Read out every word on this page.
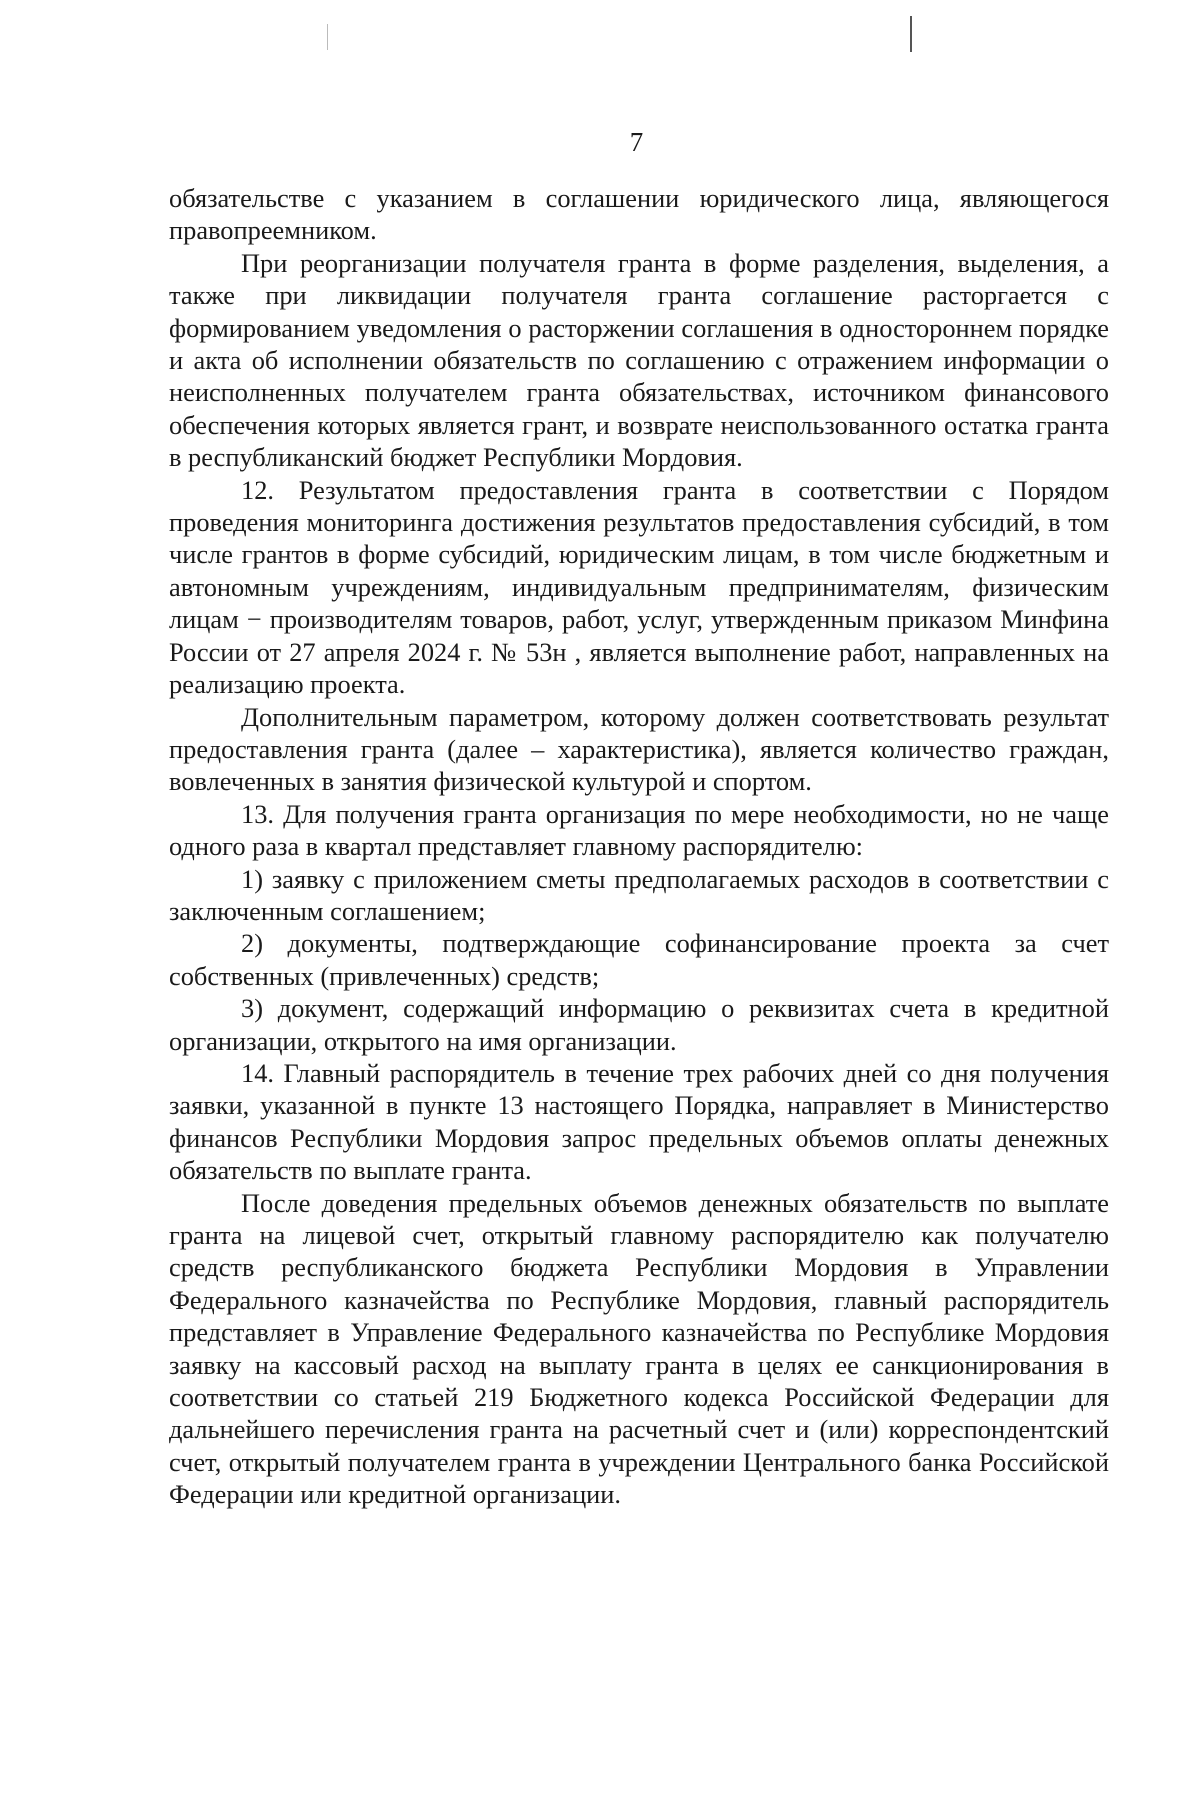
7

обязательстве с указанием в соглашении юридического лица, являющегося правопреемником.

При реорганизации получателя гранта в форме разделения, выделения, а также при ликвидации получателя гранта соглашение расторгается с формированием уведомления о расторжении соглашения в одностороннем порядке и акта об исполнении обязательств по соглашению с отражением информации о неисполненных получателем гранта обязательствах, источником финансового обеспечения которых является грант, и возврате неиспользованного остатка гранта в республиканский бюджет Республики Мордовия.

12. Результатом предоставления гранта в соответствии с Порядом проведения мониторинга достижения результатов предоставления субсидий, в том числе грантов в форме субсидий, юридическим лицам, в том числе бюджетным и автономным учреждениям, индивидуальным предпринимателям, физическим лицам − производителям товаров, работ, услуг, утвержденным приказом Минфина России от 27 апреля 2024 г. № 53н , является выполнение работ, направленных на реализацию проекта.

Дополнительным параметром, которому должен соответствовать результат предоставления гранта (далее – характеристика), является количество граждан, вовлеченных в занятия физической культурой и спортом.

13. Для получения гранта организация по мере необходимости, но не чаще одного раза в квартал представляет главному распорядителю:

1) заявку с приложением сметы предполагаемых расходов в соответствии с заключенным соглашением;

2) документы, подтверждающие софинансирование проекта за счет собственных (привлеченных) средств;

3) документ, содержащий информацию о реквизитах счета в кредитной организации, открытого на имя организации.

14. Главный распорядитель в течение трех рабочих дней со дня получения заявки, указанной в пункте 13 настоящего Порядка, направляет в Министерство финансов Республики Мордовия запрос предельных объемов оплаты денежных обязательств по выплате гранта.

После доведения предельных объемов денежных обязательств по выплате гранта на лицевой счет, открытый главному распорядителю как получателю средств республиканского бюджета Республики Мордовия в Управлении Федерального казначейства по Республике Мордовия, главный распорядитель представляет в Управление Федерального казначейства по Республике Мордовия заявку на кассовый расход на выплату гранта в целях ее санкционирования в соответствии со статьей 219 Бюджетного кодекса Российской Федерации для дальнейшего перечисления гранта на расчетный счет и (или) корреспондентский счет, открытый получателем гранта в учреждении Центрального банка Российской Федерации или кредитной организации.
